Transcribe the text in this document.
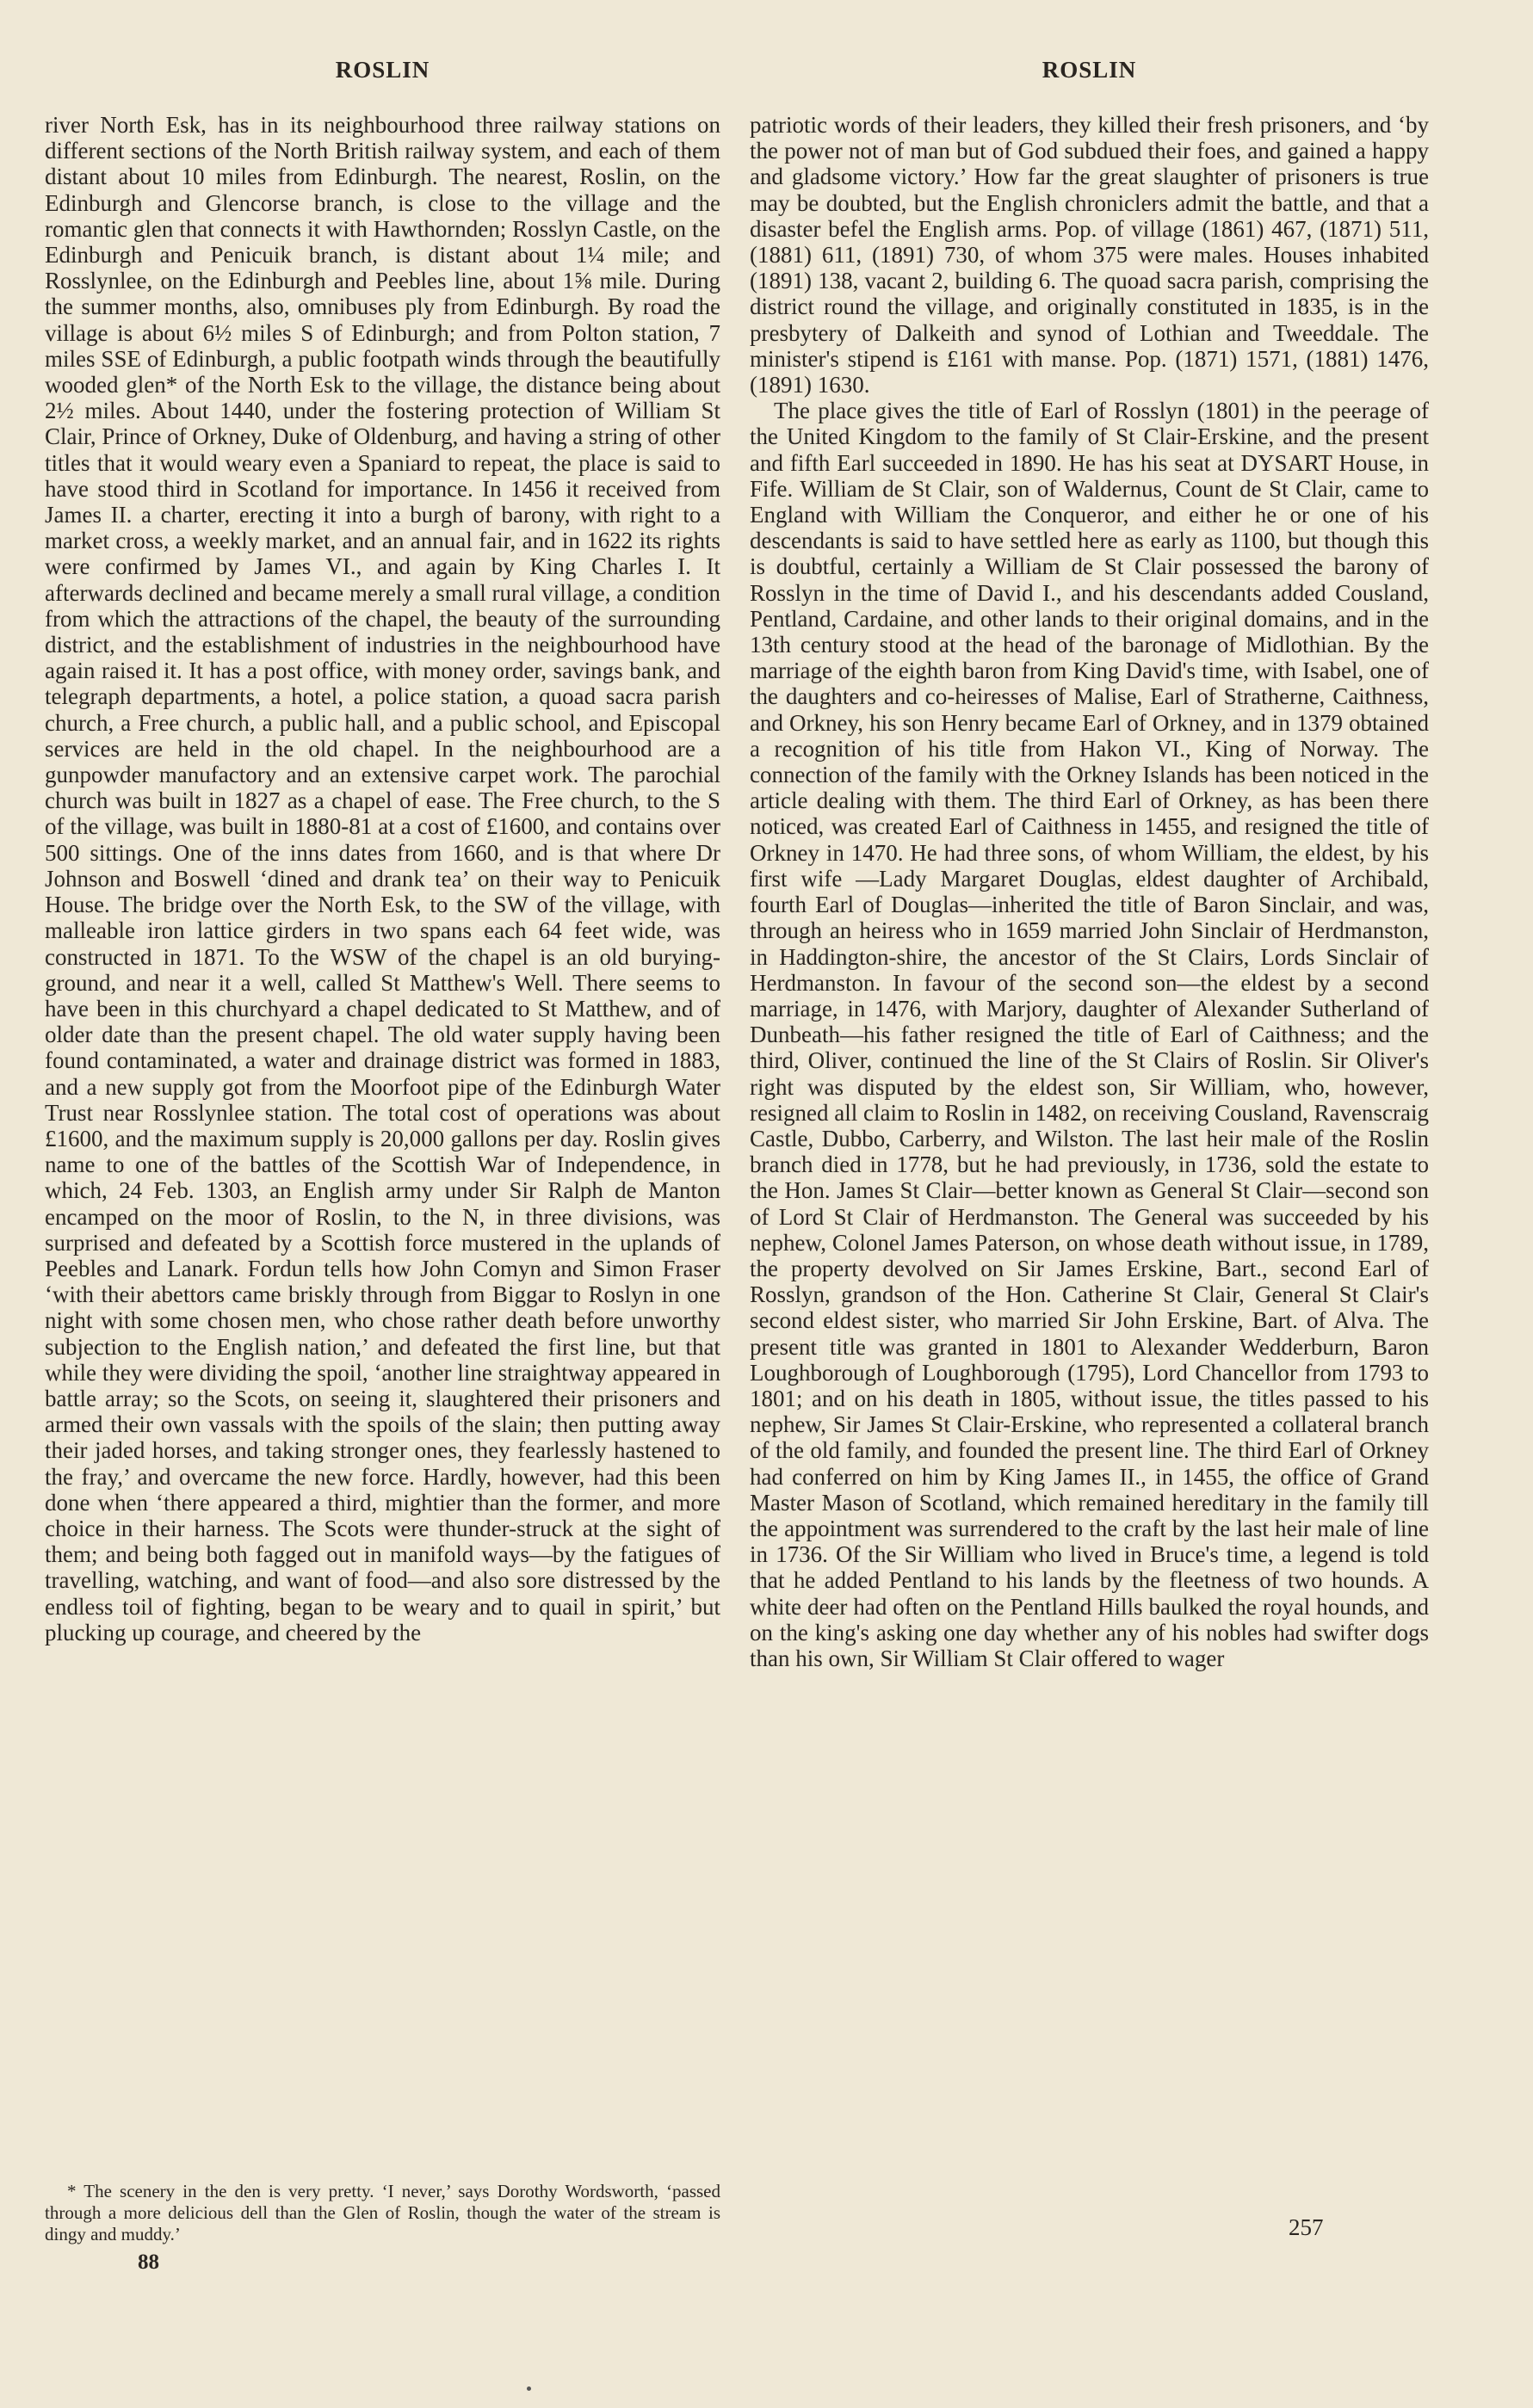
ROSLIN

river North Esk, has in its neighbourhood three railway stations on different sections of the North British railway system, and each of them distant about 10 miles from Edinburgh. The nearest, Roslin, on the Edinburgh and Glencorse branch, is close to the village and the romantic glen that connects it with Hawthornden; Rosslyn Castle, on the Edinburgh and Penicuik branch, is distant about 1¼ mile; and Rosslynlee, on the Edinburgh and Peebles line, about 1⅝ mile. During the summer months, also, omnibuses ply from Edinburgh. By road the village is about 6½ miles S of Edinburgh; and from Polton station, 7 miles SSE of Edinburgh, a public footpath winds through the beautifully wooded glen* of the North Esk to the village, the distance being about 2½ miles. About 1440, under the fostering protection of William St Clair, Prince of Orkney, Duke of Oldenburg, and having a string of other titles that it would weary even a Spaniard to repeat, the place is said to have stood third in Scotland for importance. In 1456 it received from James II. a charter, erecting it into a burgh of barony, with right to a market cross, a weekly market, and an annual fair, and in 1622 its rights were confirmed by James VI., and again by King Charles I. It afterwards declined and became merely a small rural village, a condition from which the attractions of the chapel, the beauty of the surrounding district, and the establishment of industries in the neighbourhood have again raised it. It has a post office, with money order, savings bank, and telegraph departments, a hotel, a police station, a quoad sacra parish church, a Free church, a public hall, and a public school, and Episcopal services are held in the old chapel. In the neighbourhood are a gunpowder manufactory and an extensive carpet work. The parochial church was built in 1827 as a chapel of ease. The Free church, to the S of the village, was built in 1880-81 at a cost of £1600, and contains over 500 sittings. One of the inns dates from 1660, and is that where Dr Johnson and Boswell ‘dined and drank tea’ on their way to Penicuik House. The bridge over the North Esk, to the SW of the village, with malleable iron lattice girders in two spans each 64 feet wide, was constructed in 1871. To the WSW of the chapel is an old burying-ground, and near it a well, called St Matthew's Well. There seems to have been in this churchyard a chapel dedicated to St Matthew, and of older date than the present chapel. The old water supply having been found contaminated, a water and drainage district was formed in 1883, and a new supply got from the Moorfoot pipe of the Edinburgh Water Trust near Rosslynlee station. The total cost of operations was about £1600, and the maximum supply is 20,000 gallons per day. Roslin gives name to one of the battles of the Scottish War of Independence, in which, 24 Feb. 1303, an English army under Sir Ralph de Manton encamped on the moor of Roslin, to the N, in three divisions, was surprised and defeated by a Scottish force mustered in the uplands of Peebles and Lanark. Fordun tells how John Comyn and Simon Fraser ‘with their abettors came briskly through from Biggar to Roslyn in one night with some chosen men, who chose rather death before unworthy subjection to the English nation,’ and defeated the first line, but that while they were dividing the spoil, ‘another line straightway appeared in battle array; so the Scots, on seeing it, slaughtered their prisoners and armed their own vassals with the spoils of the slain; then putting away their jaded horses, and taking stronger ones, they fearlessly hastened to the fray,’ and overcame the new force. Hardly, however, had this been done when ‘there appeared a third, mightier than the former, and more choice in their harness. The Scots were thunder-struck at the sight of them; and being both fagged out in manifold ways—by the fatigues of travelling, watching, and want of food—and also sore distressed by the endless toil of fighting, began to be weary and to quail in spirit,’ but plucking up courage, and cheered by the

* The scenery in the den is very pretty. ‘I never,’ says Dorothy Wordsworth, ‘passed through a more delicious dell than the Glen of Roslin, though the water of the stream is dingy and muddy.’
88
ROSLIN

patriotic words of their leaders, they killed their fresh prisoners, and ‘by the power not of man but of God subdued their foes, and gained a happy and gladsome victory.’ How far the great slaughter of prisoners is true may be doubted, but the English chroniclers admit the battle, and that a disaster befel the English arms. Pop. of village (1861) 467, (1871) 511, (1881) 611, (1891) 730, of whom 375 were males. Houses inhabited (1891) 138, vacant 2, building 6. The quoad sacra parish, comprising the district round the village, and originally constituted in 1835, is in the presbytery of Dalkeith and synod of Lothian and Tweeddale. The minister's stipend is £161 with manse. Pop. (1871) 1571, (1881) 1476, (1891) 1630.

The place gives the title of Earl of Rosslyn (1801) in the peerage of the United Kingdom to the family of St Clair-Erskine, and the present and fifth Earl succeeded in 1890. He has his seat at DYSART House, in Fife. William de St Clair, son of Waldernus, Count de St Clair, came to England with William the Conqueror, and either he or one of his descendants is said to have settled here as early as 1100, but though this is doubtful, certainly a William de St Clair possessed the barony of Rosslyn in the time of David I., and his descendants added Cousland, Pentland, Cardaine, and other lands to their original domains, and in the 13th century stood at the head of the baronage of Midlothian. By the marriage of the eighth baron from King David's time, with Isabel, one of the daughters and co-heiresses of Malise, Earl of Stratherne, Caithness, and Orkney, his son Henry became Earl of Orkney, and in 1379 obtained a recognition of his title from Hakon VI., King of Norway. The connection of the family with the Orkney Islands has been noticed in the article dealing with them. The third Earl of Orkney, as has been there noticed, was created Earl of Caithness in 1455, and resigned the title of Orkney in 1470. He had three sons, of whom William, the eldest, by his first wife —Lady Margaret Douglas, eldest daughter of Archibald, fourth Earl of Douglas—inherited the title of Baron Sinclair, and was, through an heiress who in 1659 married John Sinclair of Herdmanston, in Haddington-shire, the ancestor of the St Clairs, Lords Sinclair of Herdmanston. In favour of the second son—the eldest by a second marriage, in 1476, with Marjory, daughter of Alexander Sutherland of Dunbeath—his father resigned the title of Earl of Caithness; and the third, Oliver, continued the line of the St Clairs of Roslin. Sir Oliver's right was disputed by the eldest son, Sir William, who, however, resigned all claim to Roslin in 1482, on receiving Cousland, Ravenscraig Castle, Dubbo, Carberry, and Wilston. The last heir male of the Roslin branch died in 1778, but he had previously, in 1736, sold the estate to the Hon. James St Clair—better known as General St Clair—second son of Lord St Clair of Herdmanston. The General was succeeded by his nephew, Colonel James Paterson, on whose death without issue, in 1789, the property devolved on Sir James Erskine, Bart., second Earl of Rosslyn, grandson of the Hon. Catherine St Clair, General St Clair's second eldest sister, who married Sir John Erskine, Bart. of Alva. The present title was granted in 1801 to Alexander Wedderburn, Baron Loughborough of Loughborough (1795), Lord Chancellor from 1793 to 1801; and on his death in 1805, without issue, the titles passed to his nephew, Sir James St Clair-Erskine, who represented a collateral branch of the old family, and founded the present line. The third Earl of Orkney had conferred on him by King James II., in 1455, the office of Grand Master Mason of Scotland, which remained hereditary in the family till the appointment was surrendered to the craft by the last heir male of line in 1736. Of the Sir William who lived in Bruce's time, a legend is told that he added Pentland to his lands by the fleetness of two hounds. A white deer had often on the Pentland Hills baulked the royal hounds, and on the king's asking one day whether any of his nobles had swifter dogs than his own, Sir William St Clair offered to wager

257
